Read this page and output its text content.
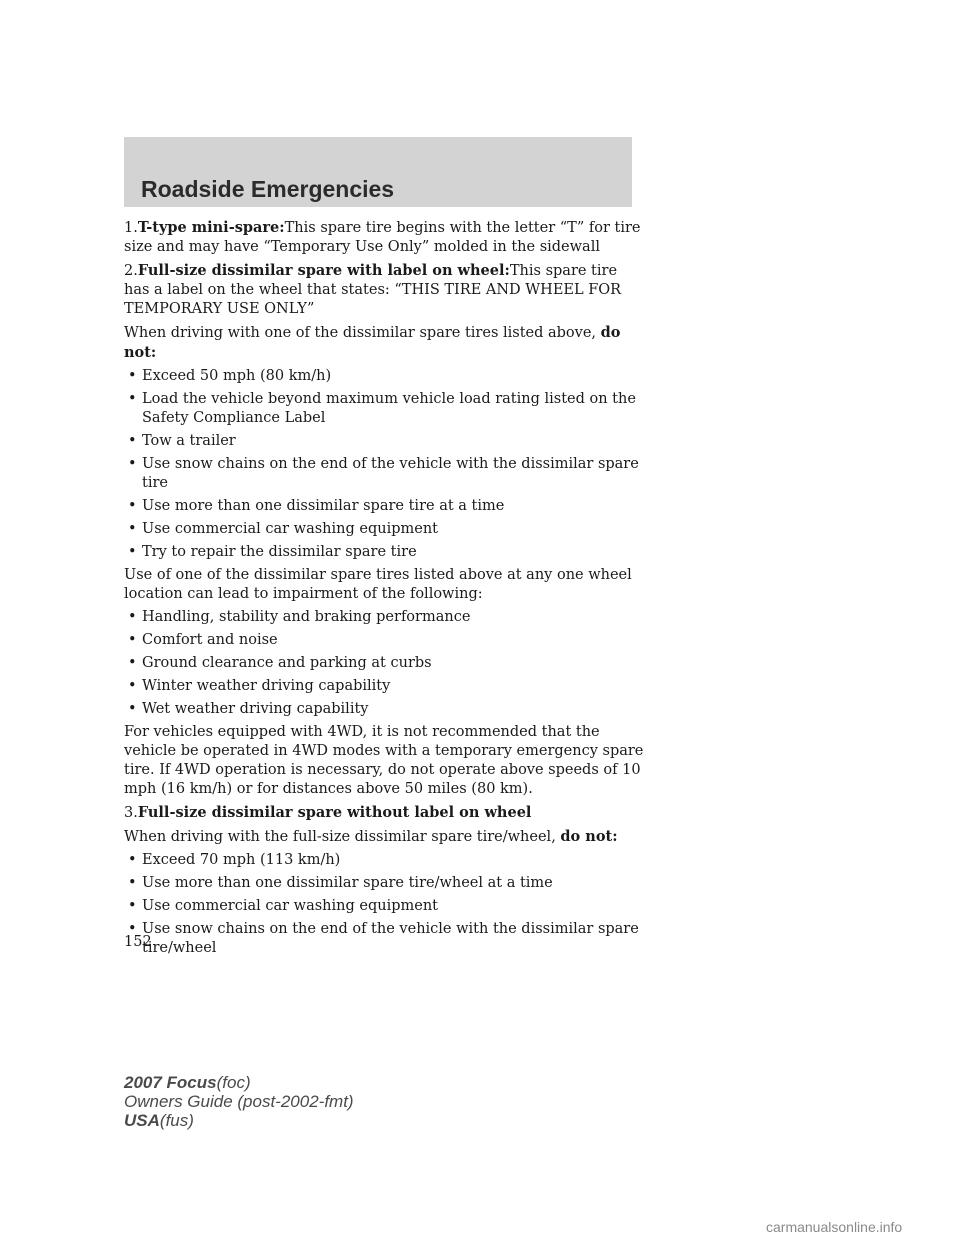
Roadside Emergencies

1.T-type mini-spare:This spare tire begins with the letter “T” for tire size and may have “Temporary Use Only” molded in the sidewall

2.Full-size dissimilar spare with label on wheel:This spare tire has a label on the wheel that states: “THIS TIRE AND WHEEL FOR TEMPORARY USE ONLY”

When driving with one of the dissimilar spare tires listed above, do not:

• Exceed 50 mph (80 km/h)
• Load the vehicle beyond maximum vehicle load rating listed on the Safety Compliance Label
• Tow a trailer
• Use snow chains on the end of the vehicle with the dissimilar spare tire
• Use more than one dissimilar spare tire at a time
• Use commercial car washing equipment
• Try to repair the dissimilar spare tire

Use of one of the dissimilar spare tires listed above at any one wheel location can lead to impairment of the following:

• Handling, stability and braking performance
• Comfort and noise
• Ground clearance and parking at curbs
• Winter weather driving capability
• Wet weather driving capability

For vehicles equipped with 4WD, it is not recommended that the vehicle be operated in 4WD modes with a temporary emergency spare tire. If 4WD operation is necessary, do not operate above speeds of 10 mph (16 km/h) or for distances above 50 miles (80 km).

3.Full-size dissimilar spare without label on wheel

When driving with the full-size dissimilar spare tire/wheel, do not:

• Exceed 70 mph (113 km/h)
• Use more than one dissimilar spare tire/wheel at a time
• Use commercial car washing equipment
• Use snow chains on the end of the vehicle with the dissimilar spare tire/wheel
152
2007 Focus(foc)
Owners Guide (post-2002-fmt)
USA(fus)
carmanualsonline.info
